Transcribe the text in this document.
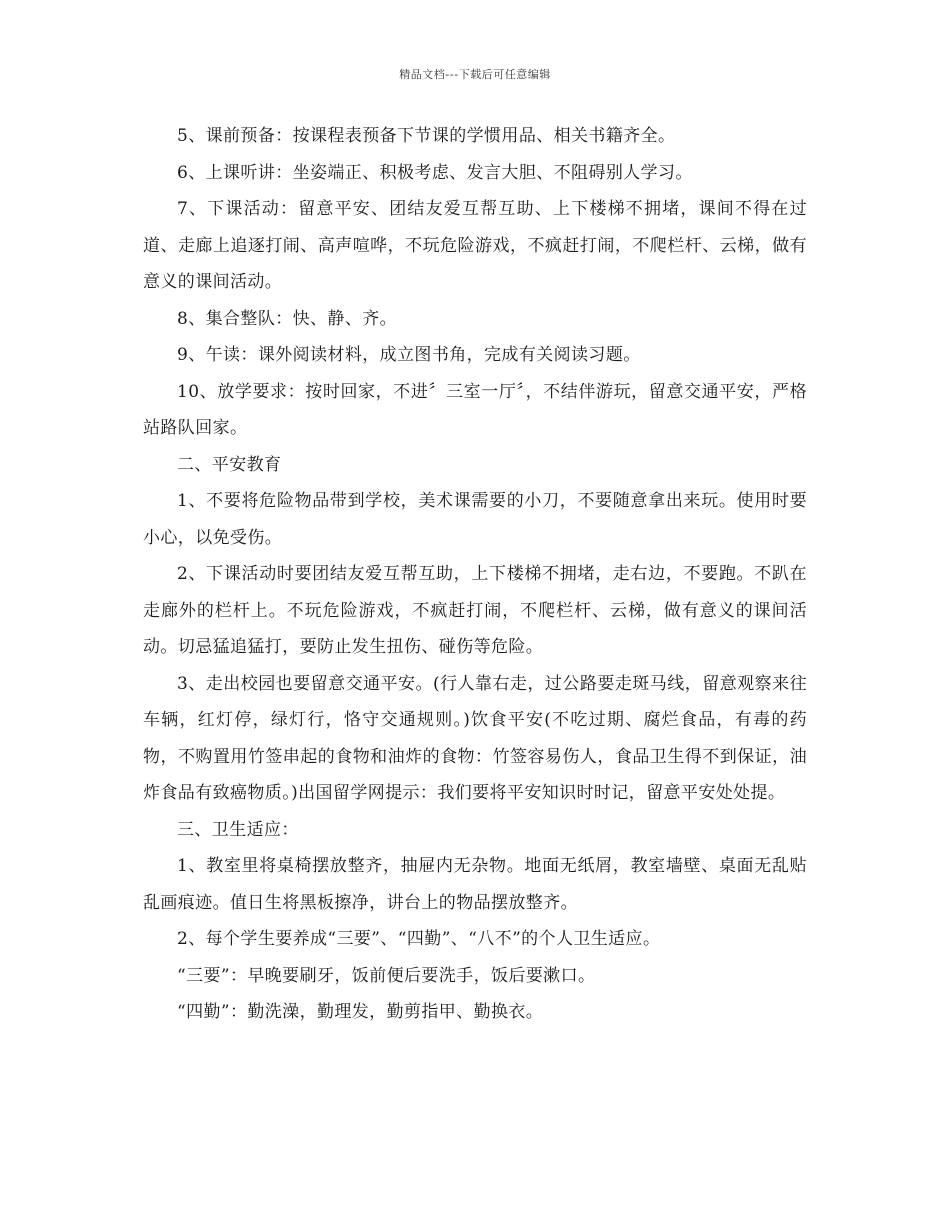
精品文档---下载后可任意编辑

5、课前预备：按课程表预备下节课的学惯用品、相关书籍齐全。

6、上课听讲：坐姿端正、积极考虑、发言大胆、不阻碍别人学习。

7、下课活动：留意平安、团结友爱互帮互助、上下楼梯不拥堵，课间不得在过道、走廊上追逐打闹、高声喧哗，不玩危险游戏，不疯赶打闹，不爬栏杆、云梯，做有意义的课间活动。

8、集合整队：快、静、齐。

9、午读：课外阅读材料，成立图书角，完成有关阅读习题。

10、放学要求：按时回家，不进〞三室一厅〞，不结伴游玩，留意交通平安，严格站路队回家。

二、平安教育

1、不要将危险物品带到学校，美术课需要的小刀，不要随意拿出来玩。使用时要小心，以免受伤。

2、下课活动时要团结友爱互帮互助，上下楼梯不拥堵，走右边，不要跑。不趴在走廊外的栏杆上。不玩危险游戏，不疯赶打闹，不爬栏杆、云梯，做有意义的课间活动。切忌猛追猛打，要防止发生扭伤、碰伤等危险。

3、走出校园也要留意交通平安。(行人靠右走，过公路要走斑马线，留意观察来往车辆，红灯停，绿灯行，恪守交通规则。)饮食平安(不吃过期、腐烂食品，有毒的药物，不购置用竹签串起的食物和油炸的食物：竹签容易伤人，食品卫生得不到保证，油炸食品有致癌物质。)出国留学网提示：我们要将平安知识时时记，留意平安处处提。

三、卫生适应：

1、教室里将桌椅摆放整齐，抽屉内无杂物。地面无纸屑，教室墙壁、桌面无乱贴乱画痕迹。值日生将黑板擦净，讲台上的物品摆放整齐。

2、每个学生要养成“三要”、“四勤”、“八不”的个人卫生适应。

“三要”：早晚要刷牙，饭前便后要洗手，饭后要漱口。

“四勤”：勤洗澡，勤理发，勤剪指甲、勤换衣。
